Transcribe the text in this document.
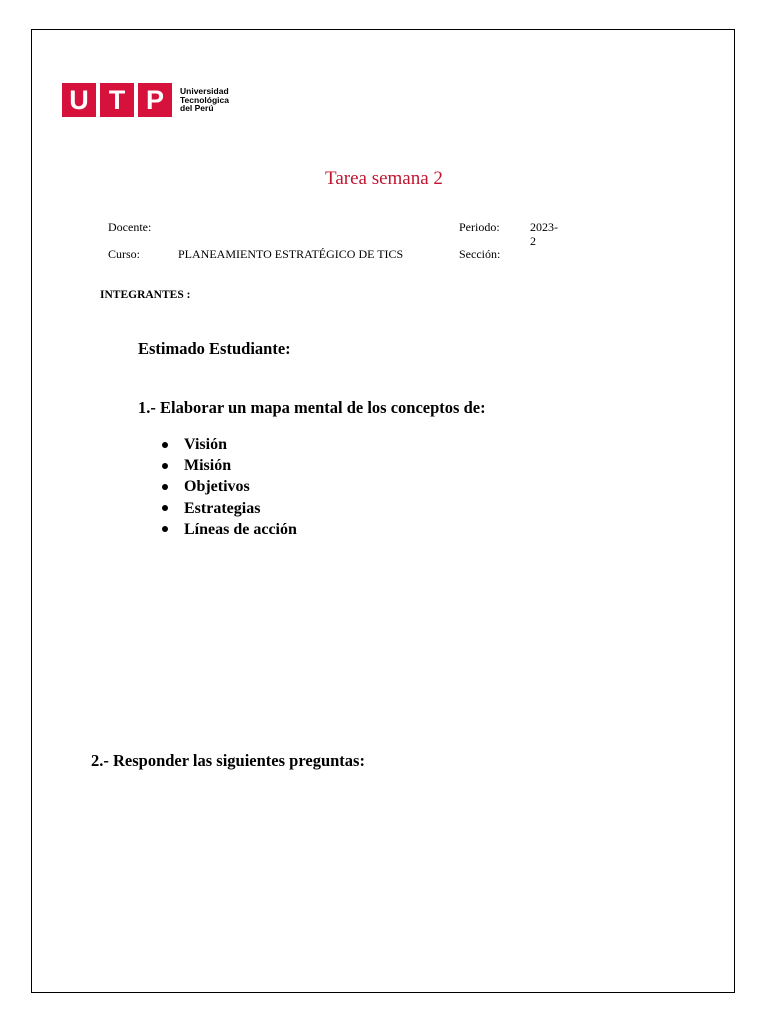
U T P	Universidad
Tecnológica
del Perú
Tarea semana 2
Docente:	Periodo:	2023-
2
Curso:	PLANEAMIENTO ESTRATÉGICO DE TICS	Sección:
INTEGRANTES :
Estimado Estudiante:
1.- Elaborar un mapa mental de los conceptos de:
Visión
Misión
Objetivos
Estrategias
Líneas de acción
2.- Responder las siguientes preguntas:
